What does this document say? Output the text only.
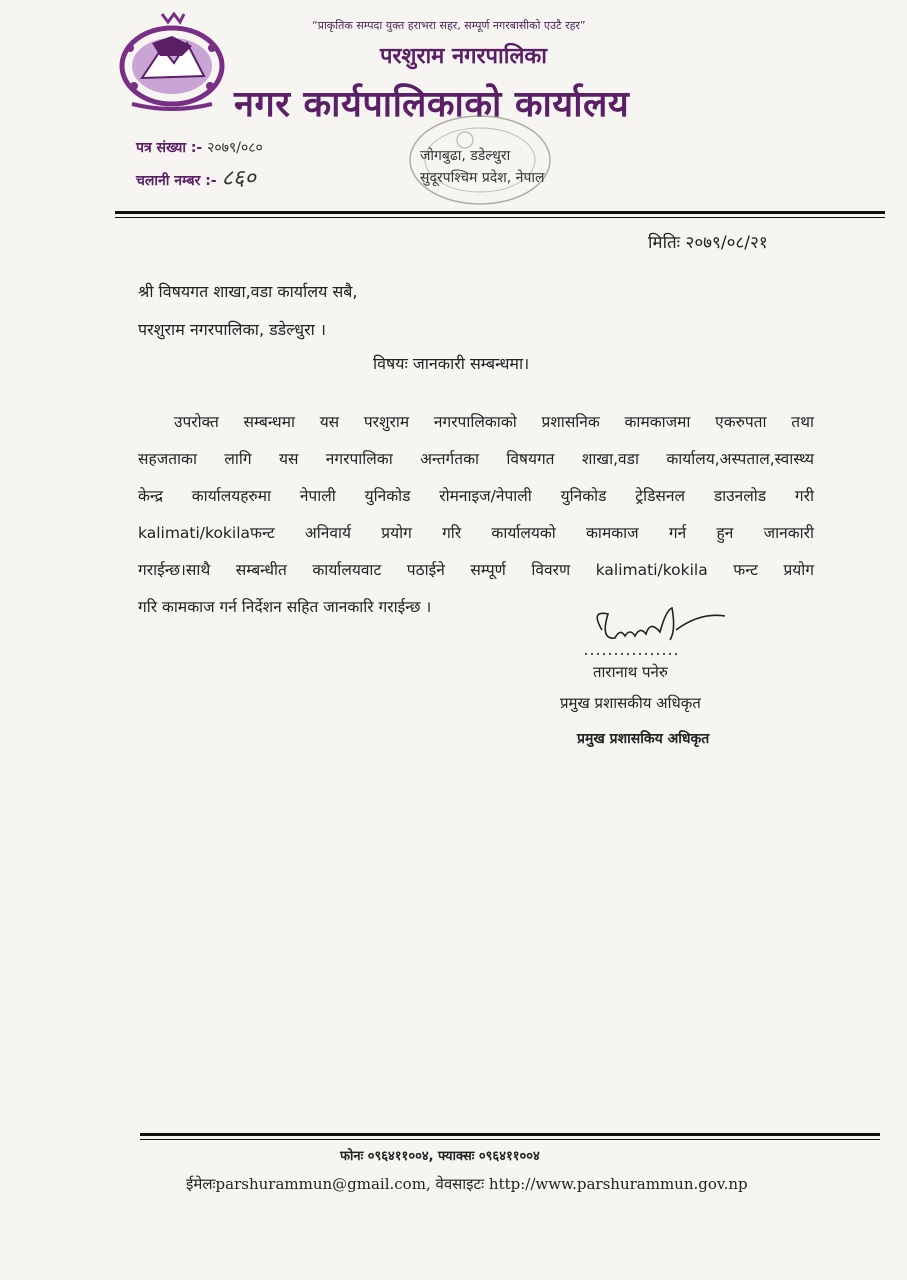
“प्राकृतिक सम्पदा युक्त हराभरा सहर, सम्पूर्ण नगरबासीको एउटै रहर”
परशुराम नगरपालिका
नगर कार्यपालिकाको कार्यालय
पत्र संख्या :- २०७९/०८०
चलानी नम्बर :- ८६०
जोगबुढा, डडेल्धुरा
सुदूरपश्चिम प्रदेश, नेपाल
मितिः २०७९/०८/२१
श्री विषयगत शाखा,वडा कार्यालय सबै,
परशुराम नगरपालिका, डडेल्धुरा ।
विषयः जानकारी सम्बन्धमा।
उपरोक्त सम्बन्धमा यस परशुराम नगरपालिकाको प्रशासनिक कामकाजमा एकरुपता तथा
सहजताका लागि यस नगरपालिका अन्तर्गतका विषयगत शाखा,वडा कार्यालय,अस्पताल,स्वास्थ्य
केन्द्र कार्यालयहरुमा नेपाली युनिकोड रोमनाइज/नेपाली युनिकोड ट्रेडिसनल डाउनलोड गरी
kalimati/kokilaफन्ट अनिवार्य प्रयोग गरि कार्यालयको कामकाज गर्न हुन जानकारी
गराईन्छ।साथै सम्बन्धीत कार्यालयवाट पठाईने सम्पूर्ण विवरण kalimati/kokila फन्ट प्रयोग
गरि कामकाज गर्न निर्देशन सहित जानकारि गराईन्छ ।
तारानाथ पनेरु
प्रमुख प्रशासकीय अधिकृत
प्रमुख प्रशासकिय अधिकृत
फोनः ०९६४११००४, फ्याक्सः ०९६४११००४
ईमेलःparshurammun@gmail.com, वेवसाइटः http://www.parshurammun.gov.np
